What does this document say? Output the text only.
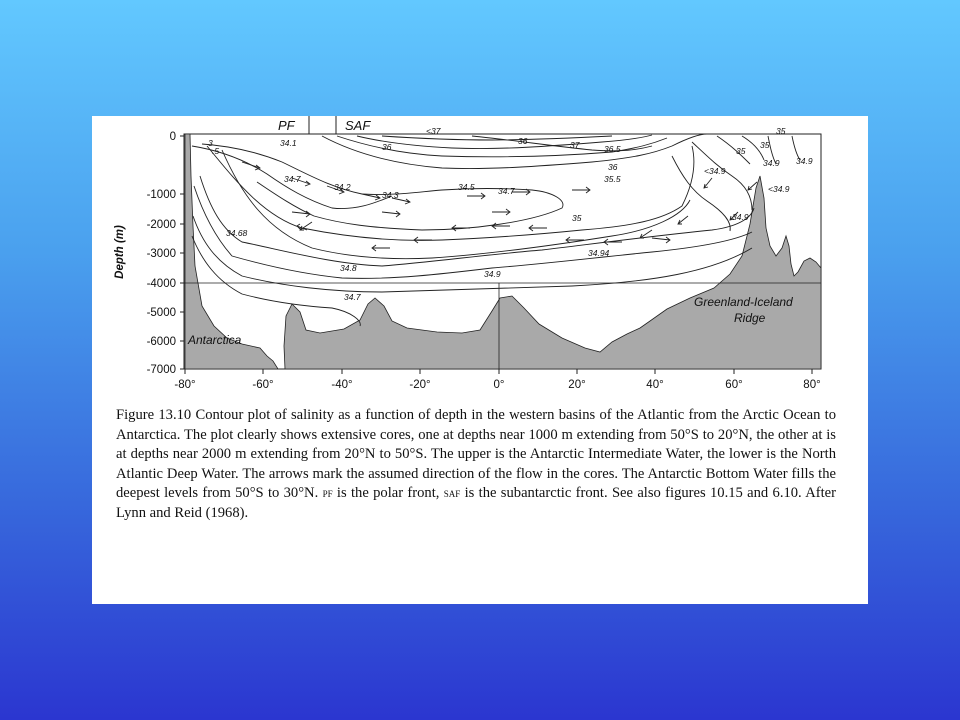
PF	SAF
3
.5
34.1
<37
36
36	37	36.5
36
35.5
34.7
34.2
34.3
34.5	34.7
35
34.68
34.94
34.8
34.9
34.7
35
34.9 34.9
<34.9
<34.9
34.9
35
35
Antarctica
Greenland-Iceland
Ridge
0
-1000
-2000
-3000
-4000
-5000
-6000
-7000
Depth (m)
-80°	-60°	-40°	-20°	0°	20°	40°	60°	80°

Figure 13.10 Contour plot of salinity as a function of depth in the western basins of the Atlantic from the Arctic Ocean to Antarctica. The plot clearly shows extensive cores, one at depths near 1000 m extending from 50°S to 20°N, the other at is at depths near 2000 m extending from 20°N to 50°S. The upper is the Antarctic Intermediate Water, the lower is the North Atlantic Deep Water. The arrows mark the assumed direction of the flow in the cores. The Antarctic Bottom Water fills the deepest levels from 50°S to 30°N. pf is the polar front, saf is the subantarctic front. See also figures 10.15 and 6.10. After Lynn and Reid (1968).
